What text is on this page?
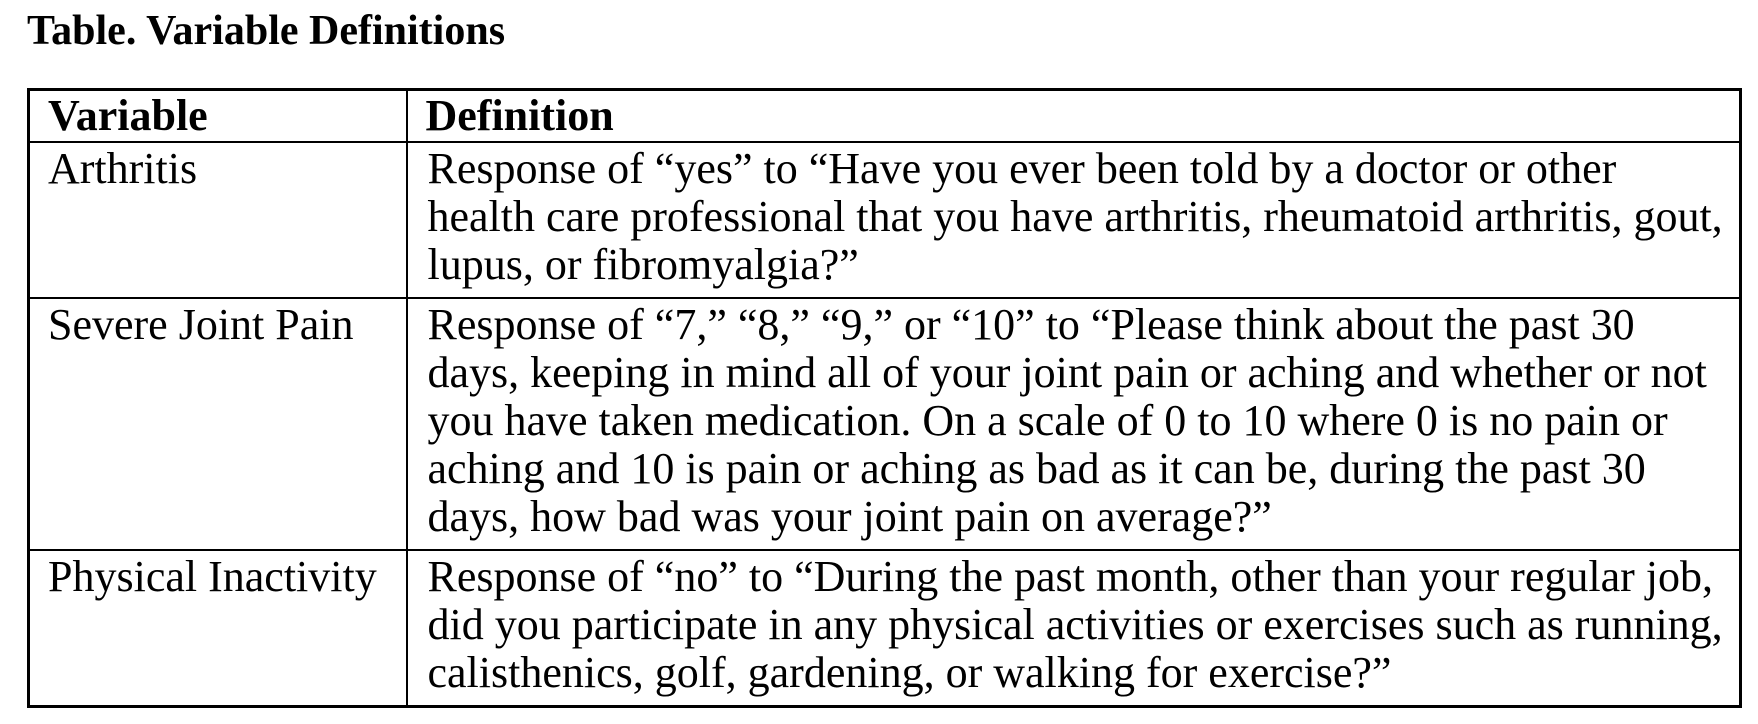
Table. Variable Definitions
Variable	Definition
Arthritis	Response of “yes” to “Have you ever been told by a doctor or other health care professional that you have arthritis, rheumatoid arthritis, gout, lupus, or fibromyalgia?”
Severe Joint Pain	Response of “7,” “8,” “9,” or “10” to “Please think about the past 30 days, keeping in mind all of your joint pain or aching and whether or not you have taken medication. On a scale of 0 to 10 where 0 is no pain or aching and 10 is pain or aching as bad as it can be, during the past 30 days, how bad was your joint pain on average?”
Physical Inactivity	Response of “no” to “During the past month, other than your regular job, did you participate in any physical activities or exercises such as running, calisthenics, golf, gardening, or walking for exercise?”
